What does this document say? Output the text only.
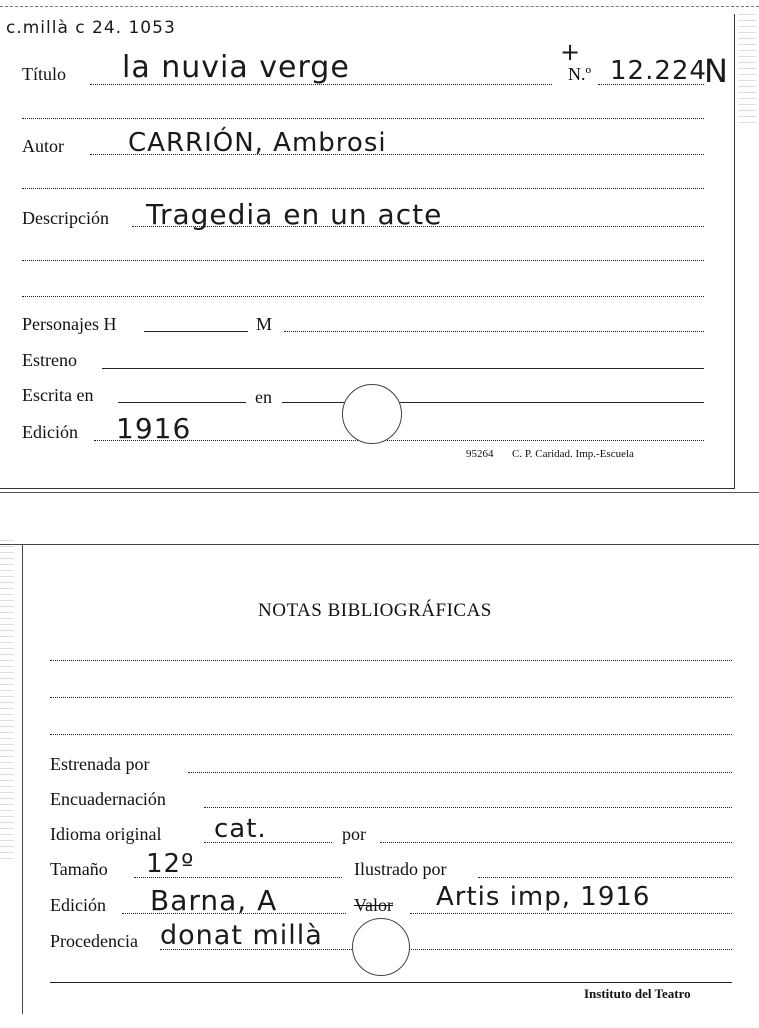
c.millà c 24. 1053
Título la nuvia verge	+
N.º 12.224
N
Autor CARRIÓN, Ambrosi
Descripción Tragedia en un acte
Personajes H	M
Estreno
Escrita en	en
Edición 1916
95264 C. P. Caridad. Imp.-Escuela
NOTAS BIBLIOGRÁFICAS
Estrenada por
Encuadernación
Idioma original cat.	por
Tamaño 12º	Ilustrado por
Edición Barna, A	Valor Artis imp, 1916
Procedencia donat millà
Instituto del Teatro
